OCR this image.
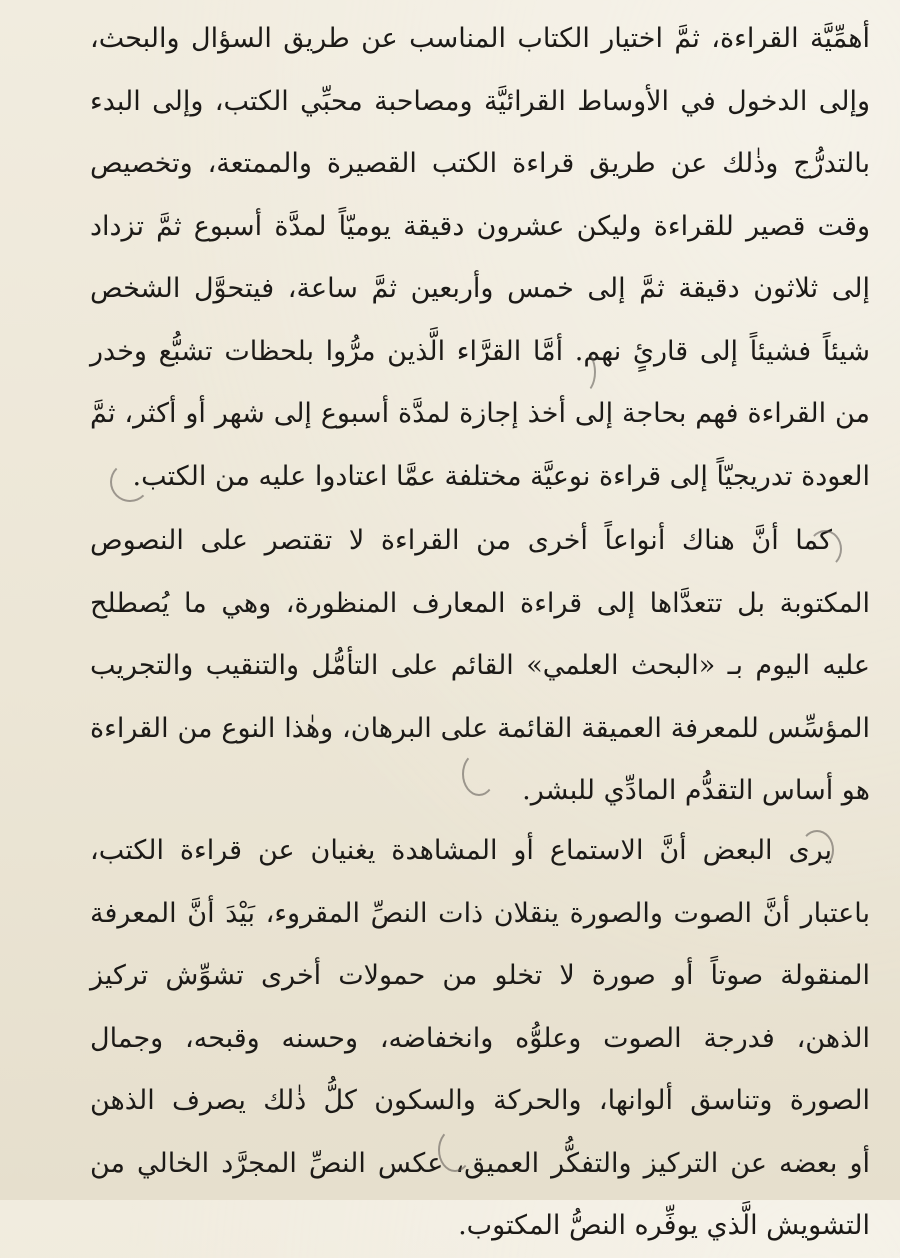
أهمِّيَّة القراءة، ثمَّ اختيار الكتاب المناسب عن طريق السؤال والبحث،
وإلى الدخول في الأوساط القرائيَّة ومصاحبة محبِّي الكتب، وإلى البدء
بالتدرُّج وذٰلك عن طريق قراءة الكتب القصيرة والممتعة، وتخصيص
وقت قصير للقراءة وليكن عشرون دقيقة يوميّاً لمدَّة أسبوع ثمَّ تزداد
إلى ثلاثون دقيقة ثمَّ إلى خمس وأربعين ثمَّ ساعة، فيتحوَّل الشخص
شيئاً فشيئاً إلى قارئٍ نهم. أمَّا القرَّاء الَّذين مرُّوا بلحظات تشبُّع وخدر
من القراءة فهم بحاجة إلى أخذ إجازة لمدَّة أسبوع إلى شهر أو أكثر، ثمَّ
العودة تدريجيّاً إلى قراءة نوعيَّة مختلفة عمَّا اعتادوا عليه من الكتب.
كما أنَّ هناك أنواعاً أخرى من القراءة لا تقتصر على النصوص
المكتوبة بل تتعدَّاها إلى قراءة المعارف المنظورة، وهي ما يُصطلح
عليه اليوم بـ «البحث العلمي» القائم على التأمُّل والتنقيب والتجريب
المؤسِّس للمعرفة العميقة القائمة على البرهان، وهٰذا النوع من القراءة
هو أساس التقدُّم المادِّي للبشر.
يرى البعض أنَّ الاستماع أو المشاهدة يغنيان عن قراءة الكتب،
باعتبار أنَّ الصوت والصورة ينقلان ذات النصِّ المقروء، بَيْدَ أنَّ المعرفة
المنقولة صوتاً أو صورة لا تخلو من حمولات أخرى تشوِّش تركيز
الذهن، فدرجة الصوت وعلوُّه وانخفاضه، وحسنه وقبحه، وجمال
الصورة وتناسق ألوانها، والحركة والسكون كلُّ ذٰلك يصرف الذهن
أو بعضه عن التركيز والتفكُّر العميق، عكس النصِّ المجرَّد الخالي من
التشويش الَّذي يوفِّره النصُّ المكتوب.
